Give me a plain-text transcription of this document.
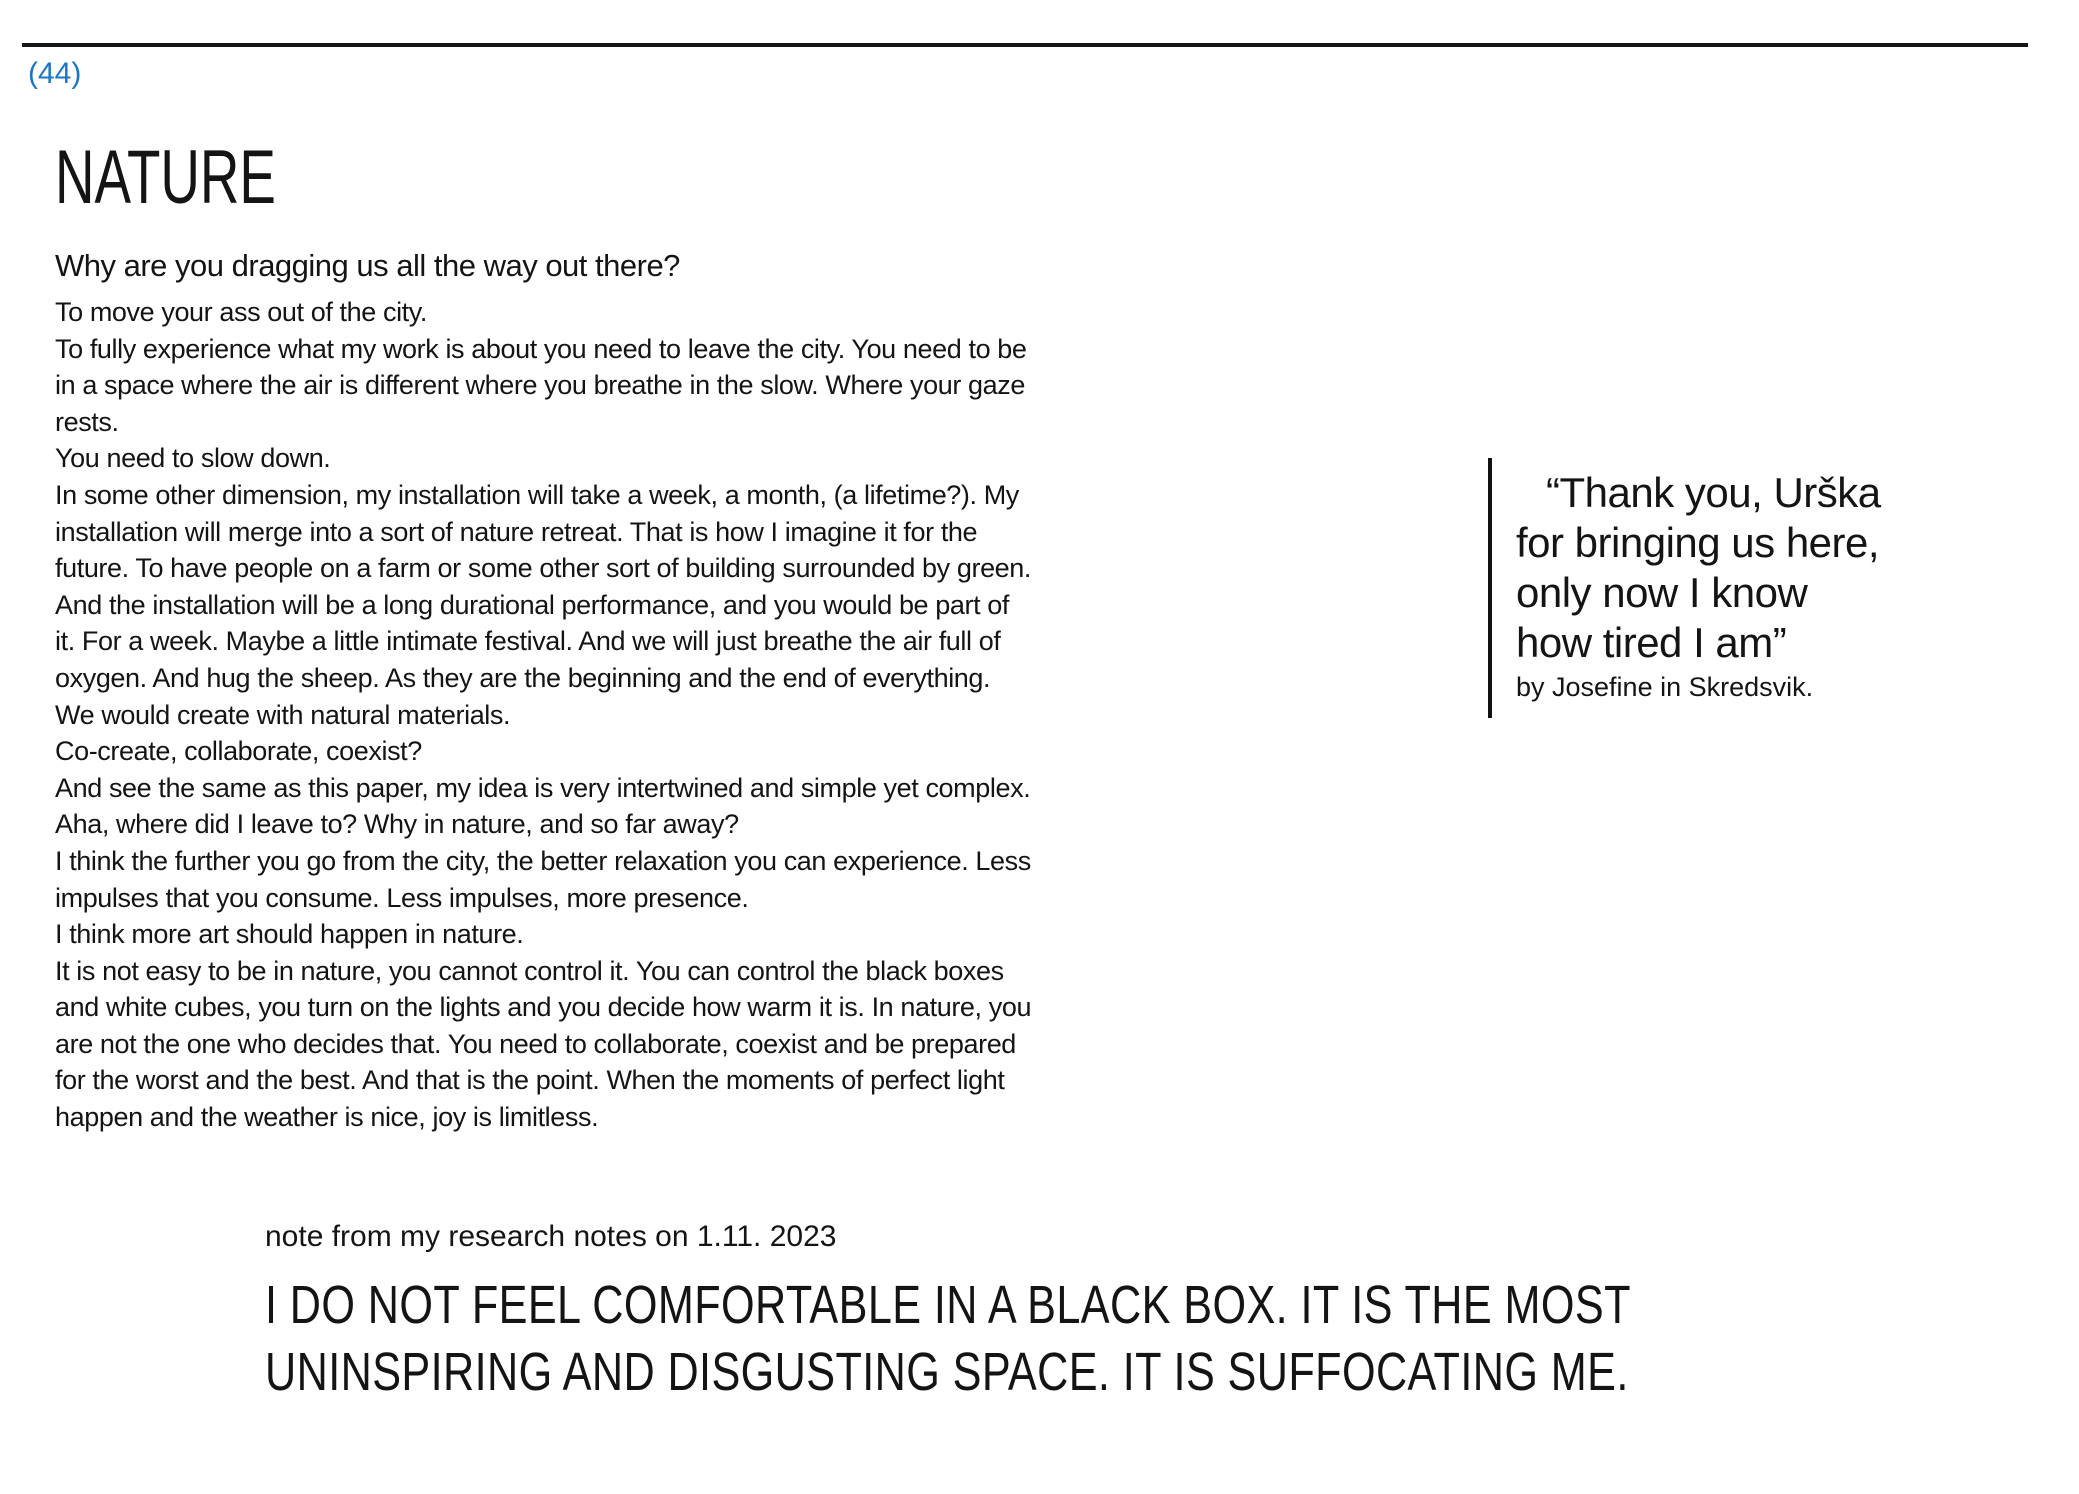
(44)
NATURE
Why are you dragging us all the way out there?
To move your ass out of the city.
To fully experience what my work is about you need to leave the city. You need to be
in a space where the air is different where you breathe in the slow. Where your gaze
rests.
You need to slow down.
In some other dimension, my installation will take a week, a month, (a lifetime?). My
installation will merge into a sort of nature retreat. That is how I imagine it for the
future. To have people on a farm or some other sort of building surrounded by green.
And the installation will be a long durational performance, and you would be part of
it. For a week. Maybe a little intimate festival. And we will just breathe the air full of
oxygen. And hug the sheep. As they are the beginning and the end of everything.
We would create with natural materials.
Co-create, collaborate, coexist?
And see the same as this paper, my idea is very intertwined and simple yet complex.
Aha, where did I leave to? Why in nature, and so far away?
I think the further you go from the city, the better relaxation you can experience. Less
impulses that you consume. Less impulses, more presence.
I think more art should happen in nature.
It is not easy to be in nature, you cannot control it. You can control the black boxes
and white cubes, you turn on the lights and you decide how warm it is. In nature, you
are not the one who decides that. You need to collaborate, coexist and be prepared
for the worst and the best. And that is the point. When the moments of perfect light
happen and the weather is nice, joy is limitless.
“Thank you, Urška
for bringing us here,
only now I know
how tired I am”
by Josefine in Skredsvik.
note from my research notes on 1.11. 2023
I DO NOT FEEL COMFORTABLE IN A BLACK BOX. IT IS THE MOST
UNINSPIRING AND DISGUSTING SPACE. IT IS SUFFOCATING ME.
